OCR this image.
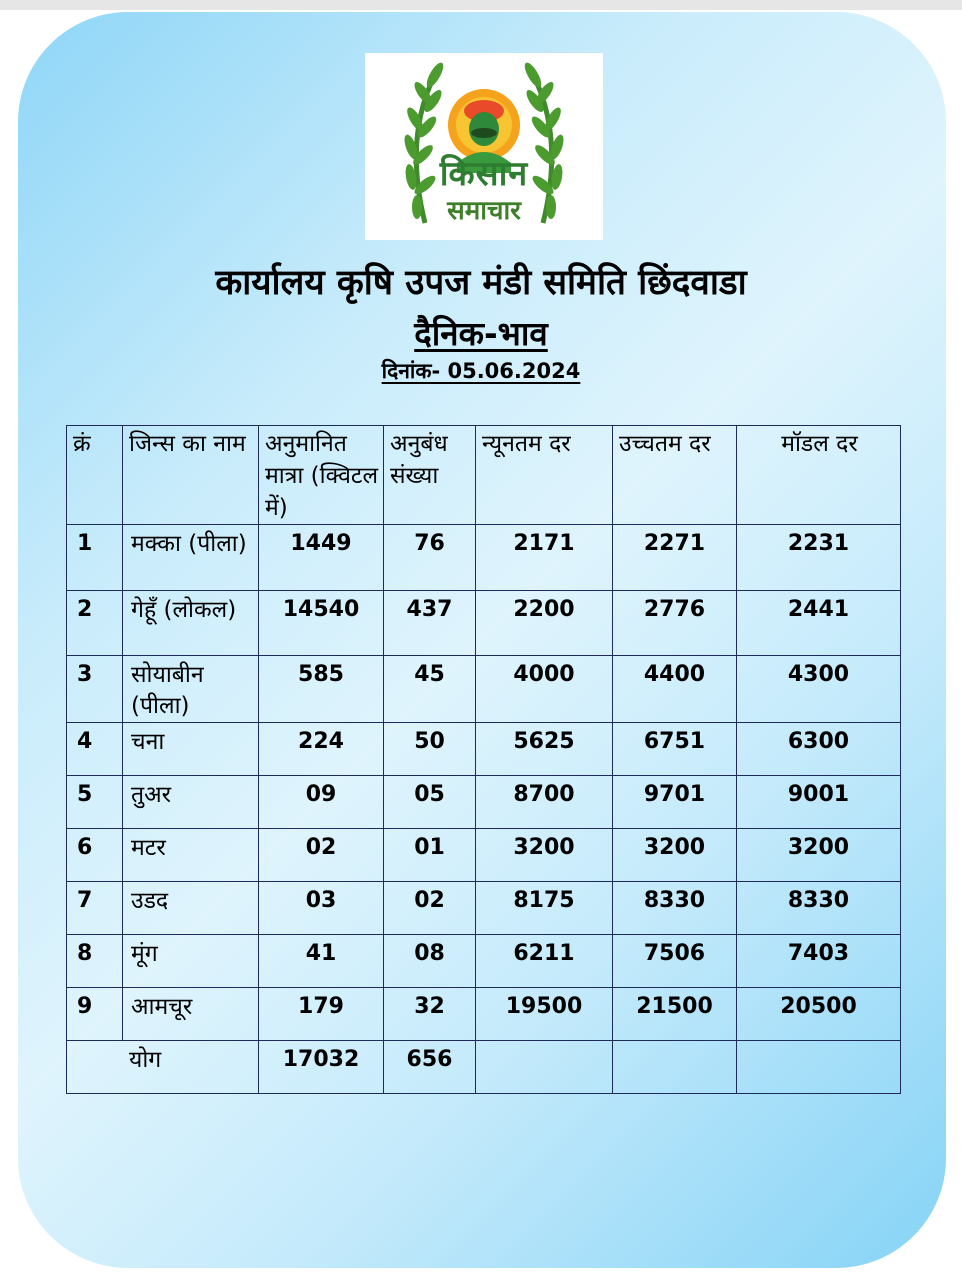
किसान
समाचार
कार्यालय कृषि उपज मंडी समिति छिंदवाडा
दैनिक-भाव
दिनांक- 05.06.2024
क्रं	जिन्स का नाम	अनुमानित मात्रा (क्विटल में)	अनुबंध संख्या	न्यूनतम दर	उच्चतम दर	मॉडल दर
1	मक्का (पीला)	1449	76	2171	2271	2231
2	गेहूँ (लोकल)	14540	437	2200	2776	2441
3	सोयाबीन (पीला)	585	45	4000	4400	4300
4	चना	224	50	5625	6751	6300
5	तुअर	09	05	8700	9701	9001
6	मटर	02	01	3200	3200	3200
7	उडद	03	02	8175	8330	8330
8	मूंग	41	08	6211	7506	7403
9	आमचूर	179	32	19500	21500	20500
योग		17032	656			
